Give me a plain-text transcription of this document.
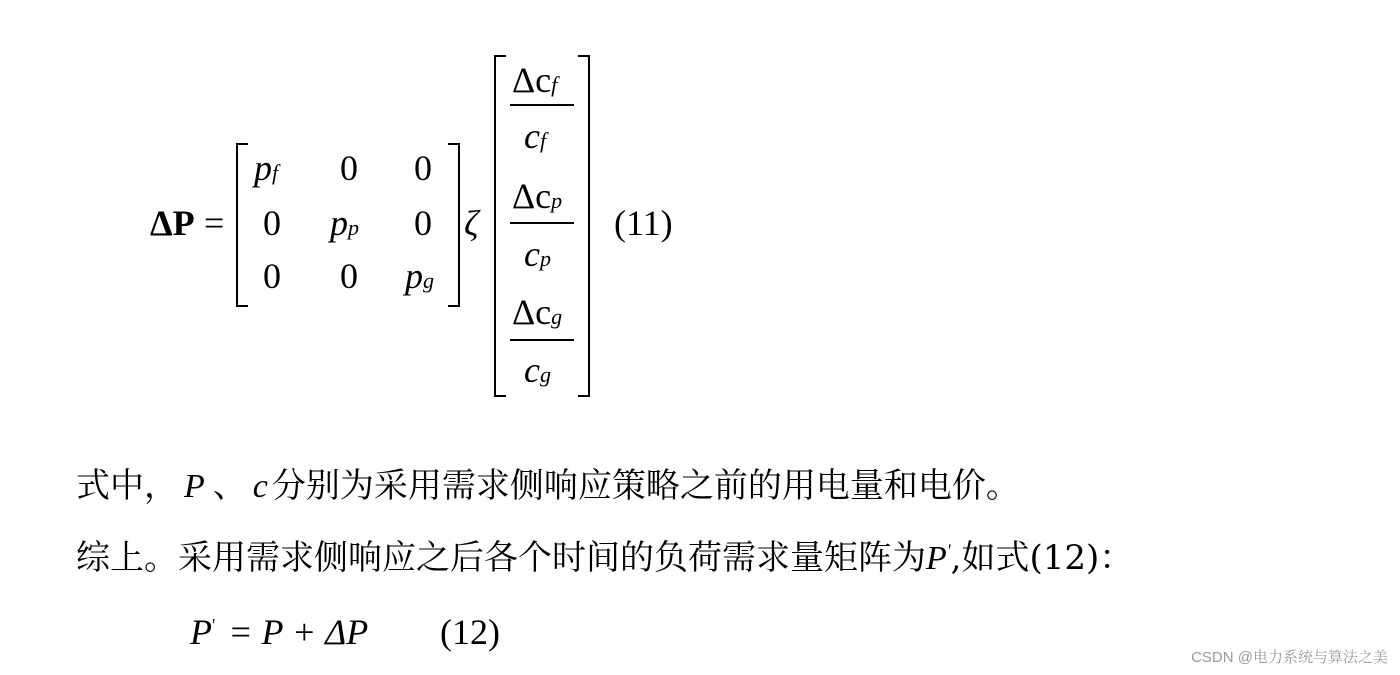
ΔP =
pf 0 0
0 pp 0
0 0 pg
ζ
Δcf
cf
Δcp
cp
Δcg
cg
(11)
式中， P 、 c 分别为采用需求侧响应策略之前的用电量和电价。
综上。采用需求侧响应之后各个时间的负荷需求量矩阵为P',如式(12)：
P' = P + ΔP (12)
CSDN @电力系统与算法之美
